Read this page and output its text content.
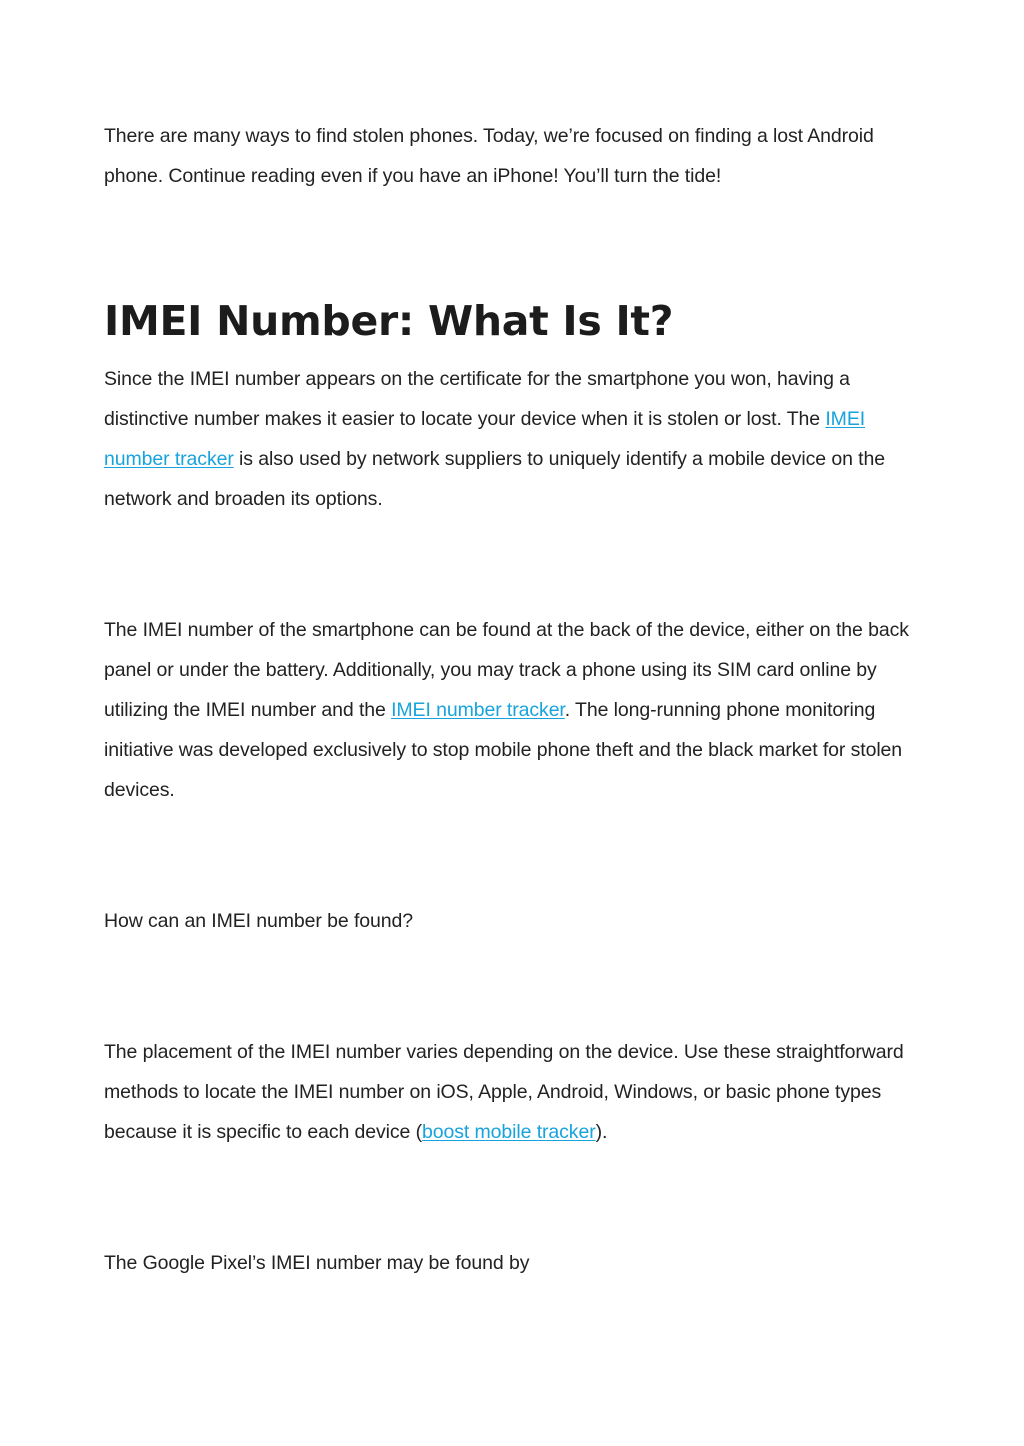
There are many ways to find stolen phones. Today, we’re focused on finding a lost Android phone. Continue reading even if you have an iPhone! You’ll turn the tide!

IMEI Number: What Is It?

Since the IMEI number appears on the certificate for the smartphone you won, having a distinctive number makes it easier to locate your device when it is stolen or lost. The IMEI number tracker is also used by network suppliers to uniquely identify a mobile device on the network and broaden its options.

The IMEI number of the smartphone can be found at the back of the device, either on the back panel or under the battery. Additionally, you may track a phone using its SIM card online by utilizing the IMEI number and the IMEI number tracker. The long-running phone monitoring initiative was developed exclusively to stop mobile phone theft and the black market for stolen devices.

How can an IMEI number be found?

The placement of the IMEI number varies depending on the device. Use these straightforward methods to locate the IMEI number on iOS, Apple, Android, Windows, or basic phone types because it is specific to each device (boost mobile tracker).

The Google Pixel’s IMEI number may be found by
